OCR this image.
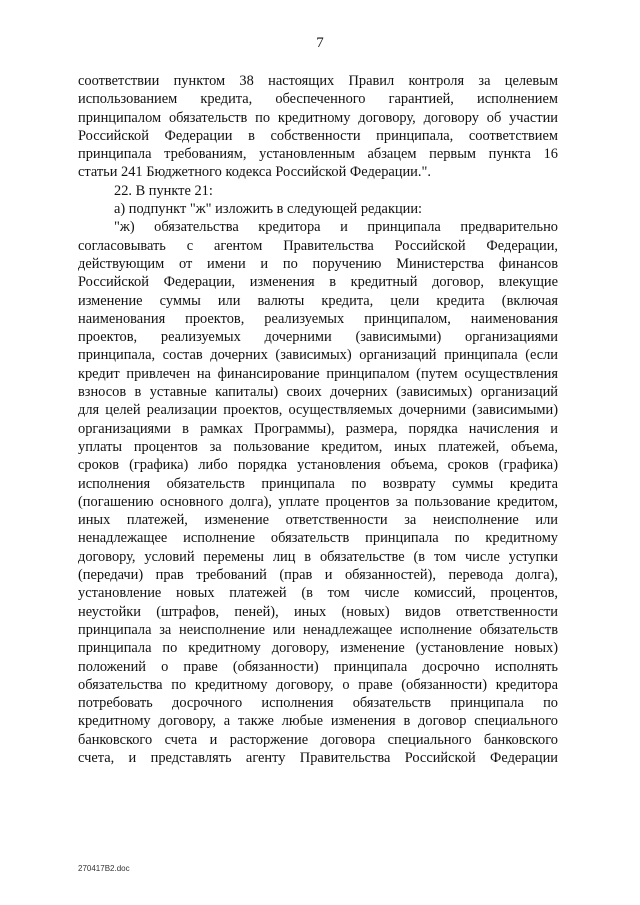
7
соответствии пунктом 38 настоящих Правил контроля за целевым
использованием кредита, обеспеченного гарантией, исполнением
принципалом обязательств по кредитному договору, договору об участии
Российской Федерации в собственности принципала, соответствием
принципала требованиям, установленным абзацем первым пункта 16
статьи 241 Бюджетного кодекса Российской Федерации.".
22. В пункте 21:
а) подпункт "ж" изложить в следующей редакции:
"ж) обязательства кредитора и принципала предварительно
согласовывать с агентом Правительства Российской Федерации,
действующим от имени и по поручению Министерства финансов
Российской Федерации, изменения в кредитный договор, влекущие
изменение суммы или валюты кредита, цели кредита (включая
наименования проектов, реализуемых принципалом, наименования
проектов, реализуемых дочерними (зависимыми) организациями
принципала, состав дочерних (зависимых) организаций принципала (если
кредит привлечен на финансирование принципалом (путем осуществления
взносов в уставные капиталы) своих дочерних (зависимых) организаций
для целей реализации проектов, осуществляемых дочерними (зависимыми)
организациями в рамках Программы), размера, порядка начисления и
уплаты процентов за пользование кредитом, иных платежей, объема,
сроков (графика) либо порядка установления объема, сроков (графика)
исполнения обязательств принципала по возврату суммы кредита
(погашению основного долга), уплате процентов за пользование кредитом,
иных платежей, изменение ответственности за неисполнение или
ненадлежащее исполнение обязательств принципала по кредитному
договору, условий перемены лиц в обязательстве (в том числе уступки
(передачи) прав требований (прав и обязанностей), перевода долга),
установление новых платежей (в том числе комиссий, процентов,
неустойки (штрафов, пеней), иных (новых) видов ответственности
принципала за неисполнение или ненадлежащее исполнение обязательств
принципала по кредитному договору, изменение (установление новых)
положений о праве (обязанности) принципала досрочно исполнять
обязательства по кредитному договору, о праве (обязанности) кредитора
потребовать досрочного исполнения обязательств принципала по
кредитному договору, а также любые изменения в договор специального
банковского счета и расторжение договора специального банковского
счета, и представлять агенту Правительства Российской Федерации
270417B2.doc
